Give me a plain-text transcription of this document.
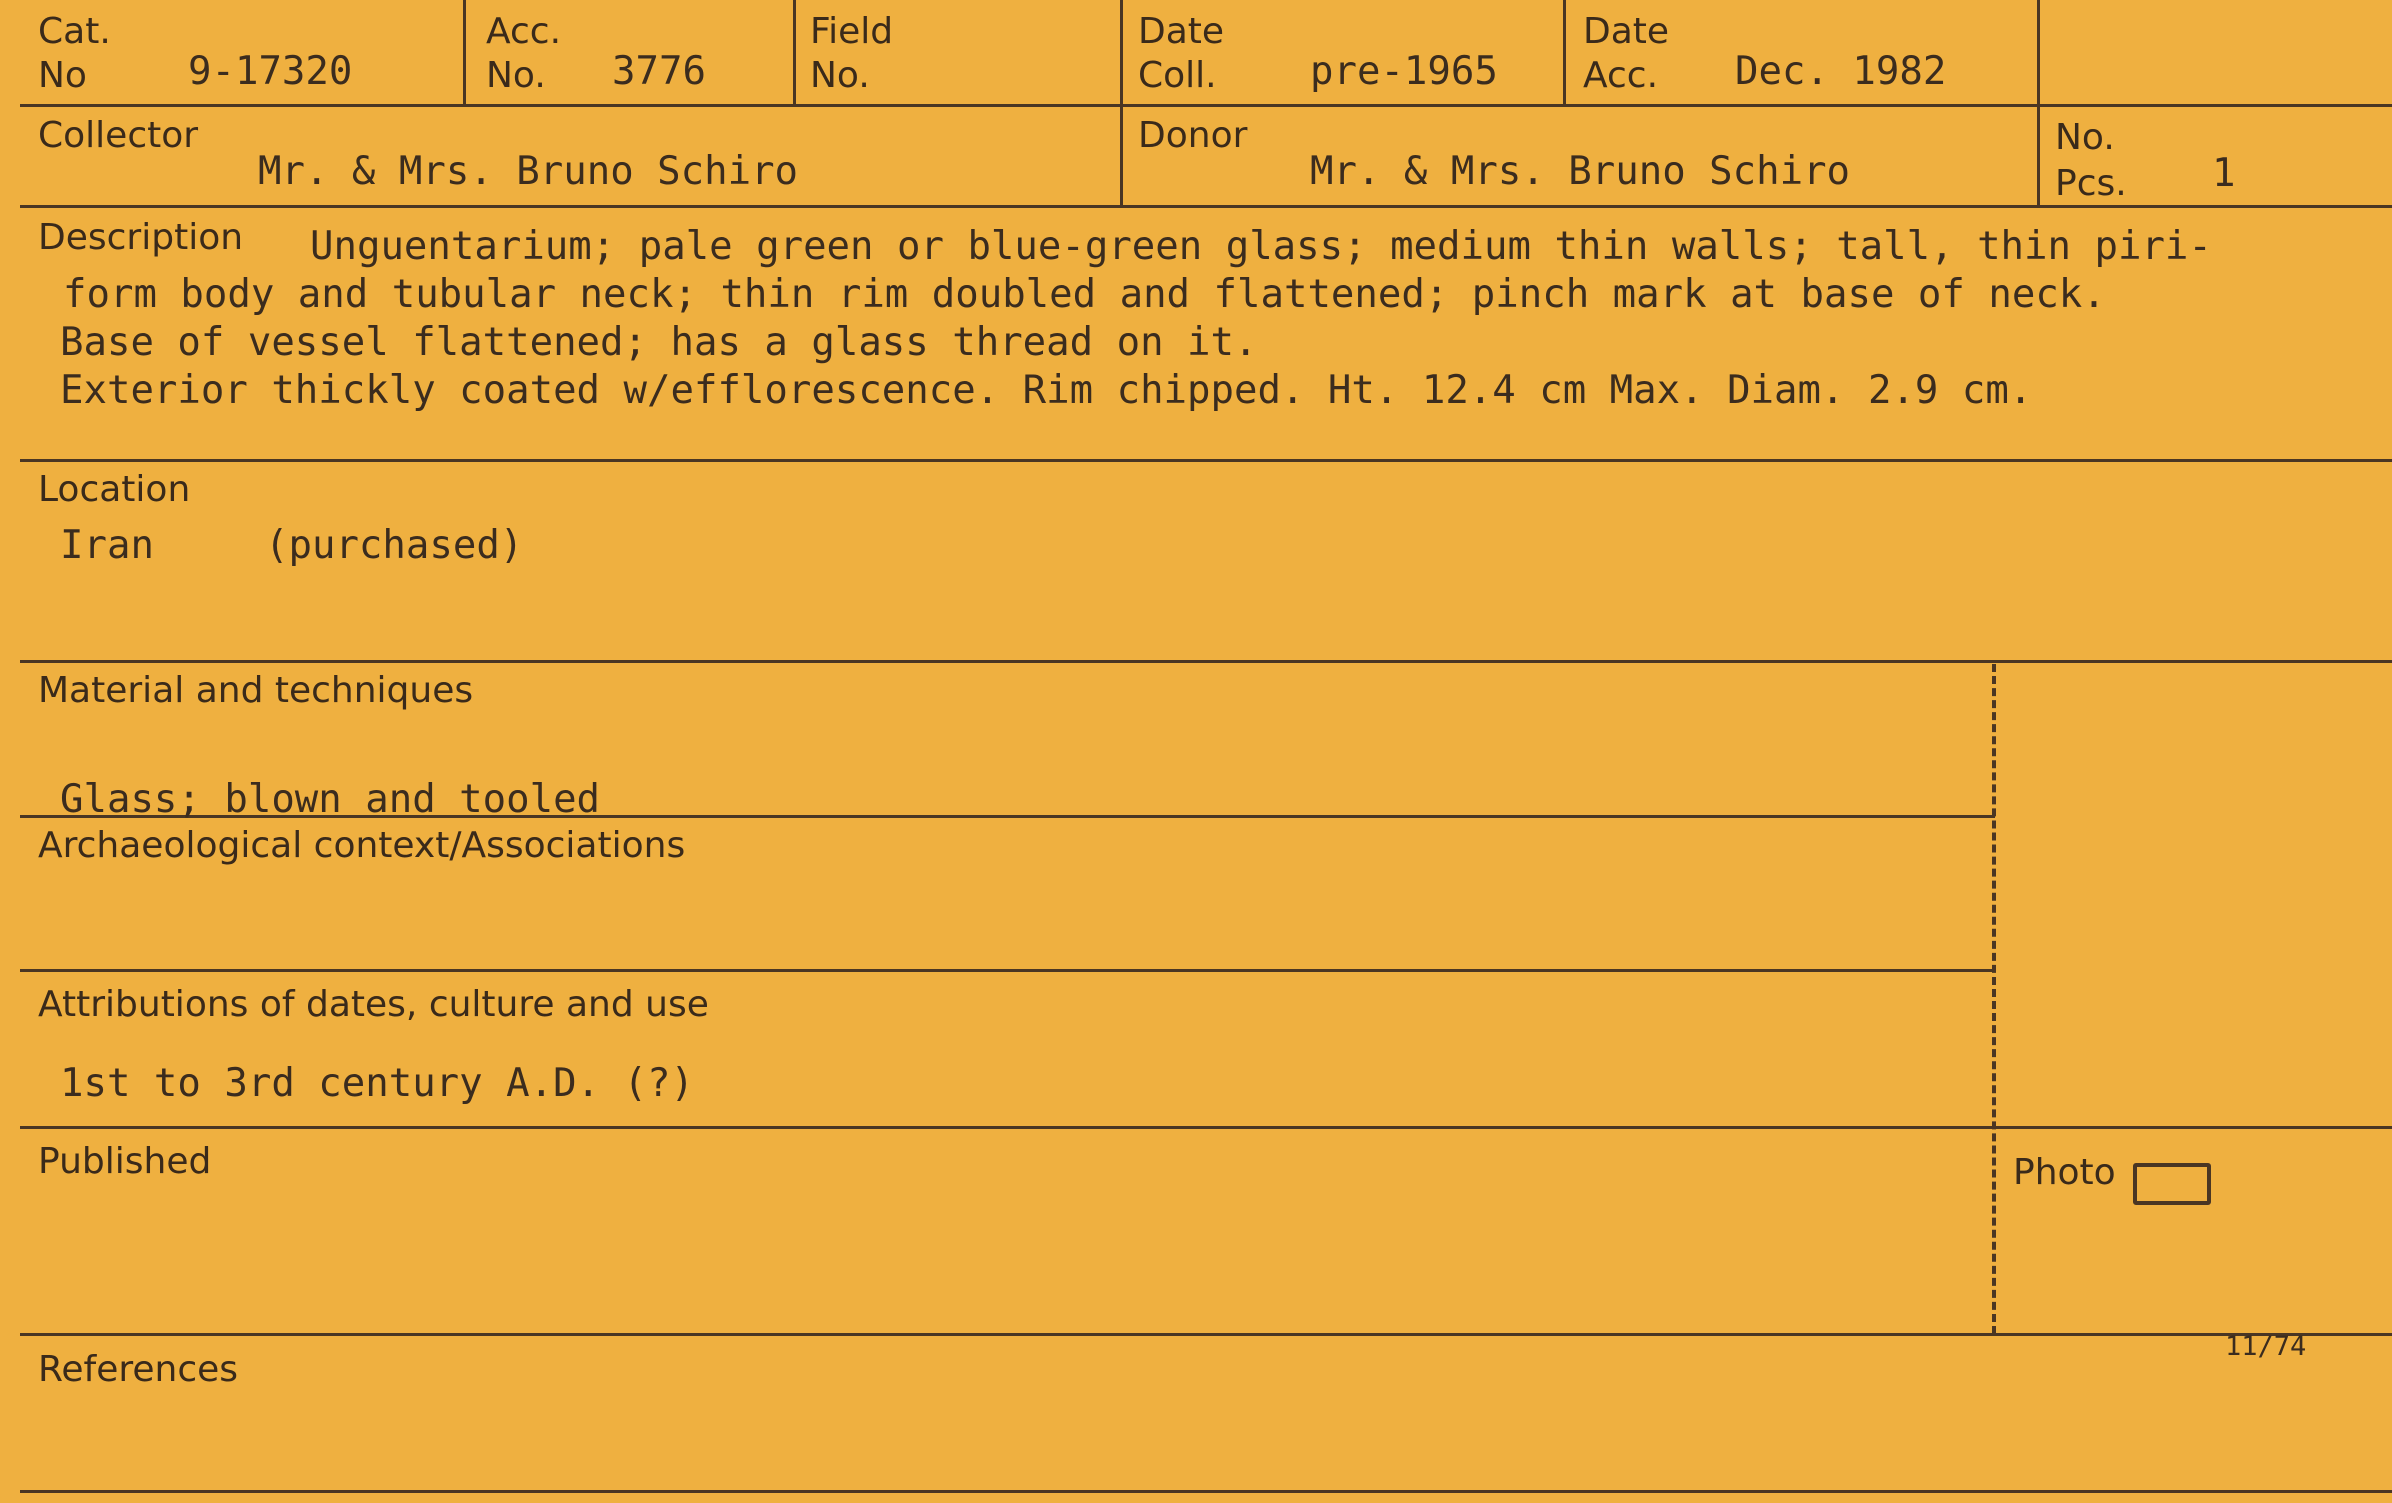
Cat.
No	9-17320
Acc.
No. 3776
Field
No.
Date
Coll. pre-1965
Date
Acc. Dec. 1982
Collector
Mr. & Mrs. Bruno Schiro
Donor
Mr. & Mrs. Bruno Schiro
No.
Pcs. 1
Description	Unguentarium; pale green or blue-green glass; medium thin walls; tall, thin piri-
form body and tubular neck; thin rim doubled and flattened; pinch mark at base of neck.
Base of vessel flattened; has a glass thread on it.
Exterior thickly coated w/efflorescence. Rim chipped. Ht. 12.4 cm Max. Diam. 2.9 cm.
Location
Iran	(purchased)
Material and techniques
Glass; blown and tooled
Archaeological context/Associations
Attributions of dates, culture and use
1st to 3rd century A.D. (?)
Published	Photo
References
11/74
